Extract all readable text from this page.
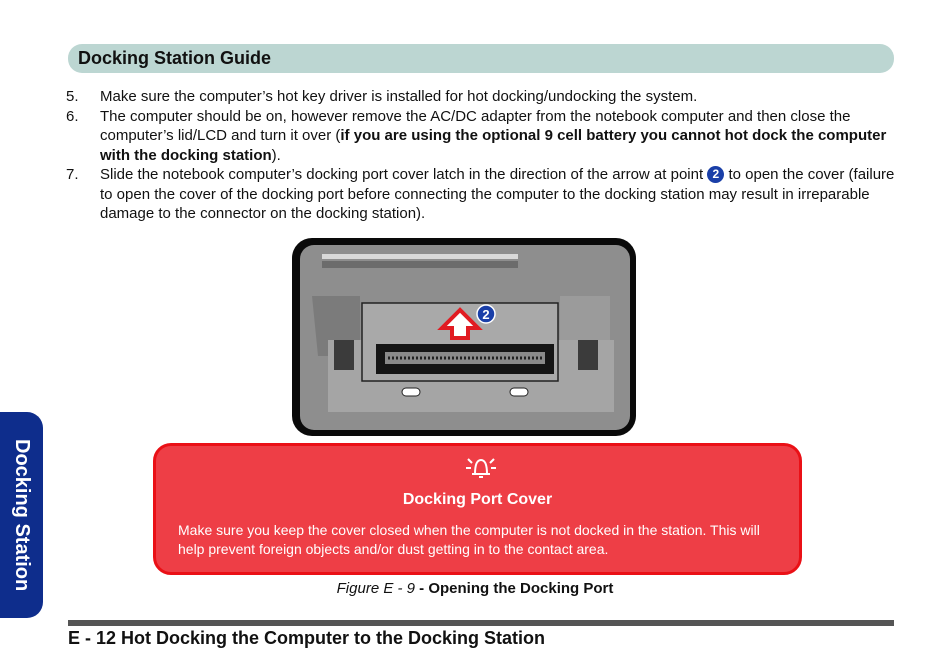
Docking Station Guide
5.	Make sure the computer’s hot key driver is installed for hot docking/undocking the system.
6.	The computer should be on, however remove the AC/DC adapter from the notebook computer and then close the computer’s lid/LCD and turn it over (if you are using the optional 9 cell battery you cannot hot dock the computer with the docking station).
7.	Slide the notebook computer’s docking port cover latch in the direction of the arrow at point 2 to open the cover (failure to open the cover of the docking port before connecting the computer to the docking station may result in irreparable damage to the connector on the docking station).
2
Docking Port Cover
Make sure you keep the cover closed when the computer is not docked in the station. This will help prevent foreign objects and/or dust getting in to the contact area.
Figure E - 9 - Opening the Docking Port
E - 12 Hot Docking the Computer to the Docking Station
Docking Station
